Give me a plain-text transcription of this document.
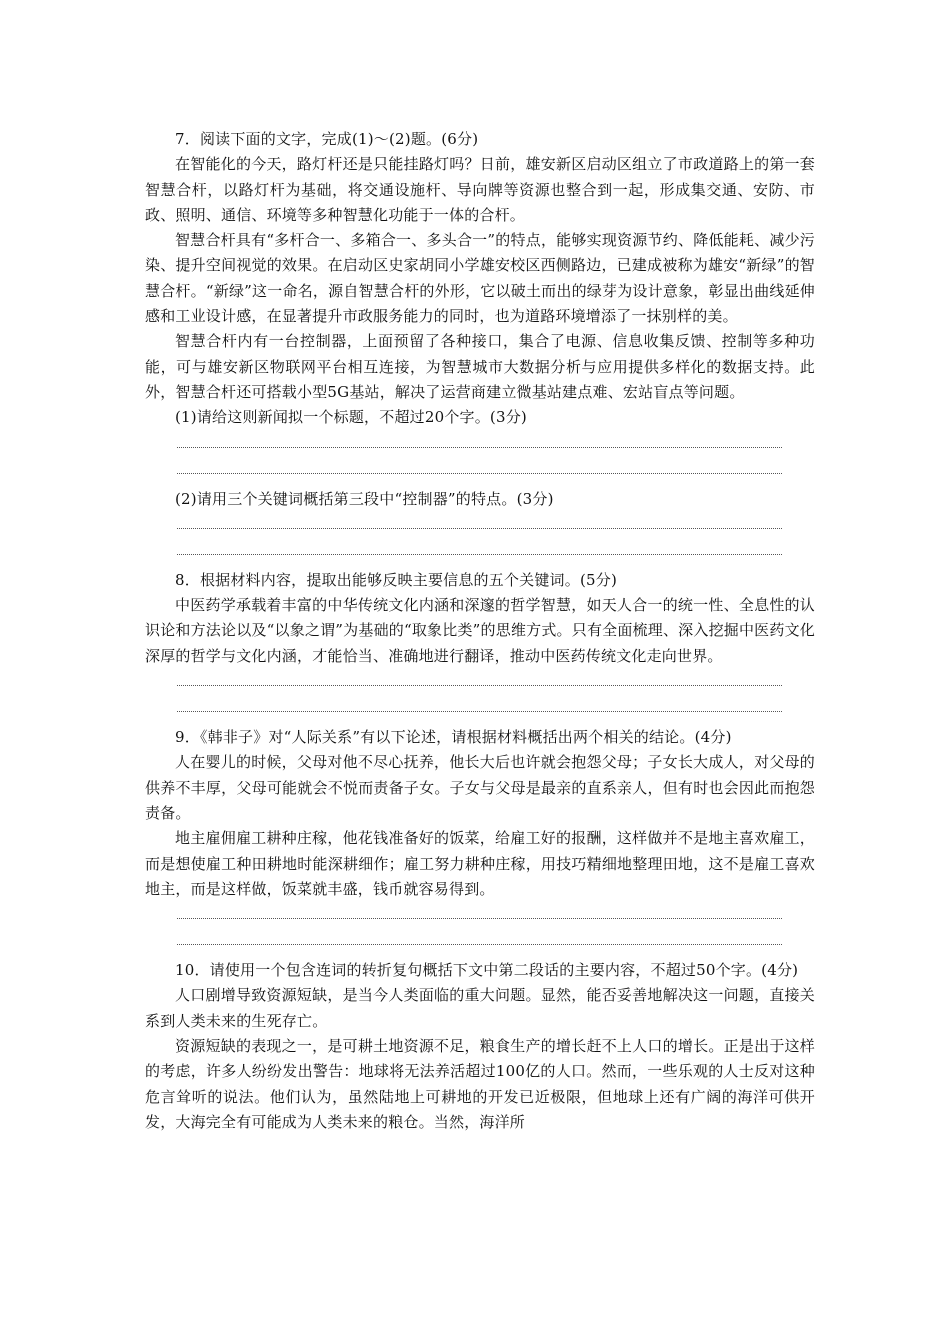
7．阅读下面的文字，完成(1)～(2)题。(6分)

在智能化的今天，路灯杆还是只能挂路灯吗？日前，雄安新区启动区组立了市政道路上的第一套智慧合杆，以路灯杆为基础，将交通设施杆、导向牌等资源也整合到一起，形成集交通、安防、市政、照明、通信、环境等多种智慧化功能于一体的合杆。

智慧合杆具有“多杆合一、多箱合一、多头合一”的特点，能够实现资源节约、降低能耗、减少污染、提升空间视觉的效果。在启动区史家胡同小学雄安校区西侧路边，已建成被称为雄安“新绿”的智慧合杆。“新绿”这一命名，源自智慧合杆的外形，它以破土而出的绿芽为设计意象，彰显出曲线延伸感和工业设计感，在显著提升市政服务能力的同时，也为道路环境增添了一抹别样的美。

智慧合杆内有一台控制器，上面预留了各种接口，集合了电源、信息收集反馈、控制等多种功能，可与雄安新区物联网平台相互连接，为智慧城市大数据分析与应用提供多样化的数据支持。此外，智慧合杆还可搭载小型5G基站，解决了运营商建立微基站建点难、宏站盲点等问题。

(1)请给这则新闻拟一个标题，不超过20个字。(3分)

(2)请用三个关键词概括第三段中“控制器”的特点。(3分)

8．根据材料内容，提取出能够反映主要信息的五个关键词。(5分)

中医药学承载着丰富的中华传统文化内涵和深邃的哲学智慧，如天人合一的统一性、全息性的认识论和方法论以及“以象之谓”为基础的“取象比类”的思维方式。只有全面梳理、深入挖掘中医药文化深厚的哲学与文化内涵，才能恰当、准确地进行翻译，推动中医药传统文化走向世界。

9．《韩非子》对“人际关系”有以下论述，请根据材料概括出两个相关的结论。(4分)

人在婴儿的时候，父母对他不尽心抚养，他长大后也许就会抱怨父母；子女长大成人，对父母的供养不丰厚，父母可能就会不悦而责备子女。子女与父母是最亲的直系亲人，但有时也会因此而抱怨责备。

地主雇佣雇工耕种庄稼，他花钱准备好的饭菜，给雇工好的报酬，这样做并不是地主喜欢雇工，而是想使雇工种田耕地时能深耕细作；雇工努力耕种庄稼，用技巧精细地整理田地，这不是雇工喜欢地主，而是这样做，饭菜就丰盛，钱币就容易得到。

10．请使用一个包含连词的转折复句概括下文中第二段话的主要内容，不超过50个字。(4分)

人口剧增导致资源短缺，是当今人类面临的重大问题。显然，能否妥善地解决这一问题，直接关系到人类未来的生死存亡。

资源短缺的表现之一，是可耕土地资源不足，粮食生产的增长赶不上人口的增长。正是出于这样的考虑，许多人纷纷发出警告：地球将无法养活超过100亿的人口。然而，一些乐观的人士反对这种危言耸听的说法。他们认为，虽然陆地上可耕地的开发已近极限，但地球上还有广阔的海洋可供开发，大海完全有可能成为人类未来的粮仓。当然，海洋所
